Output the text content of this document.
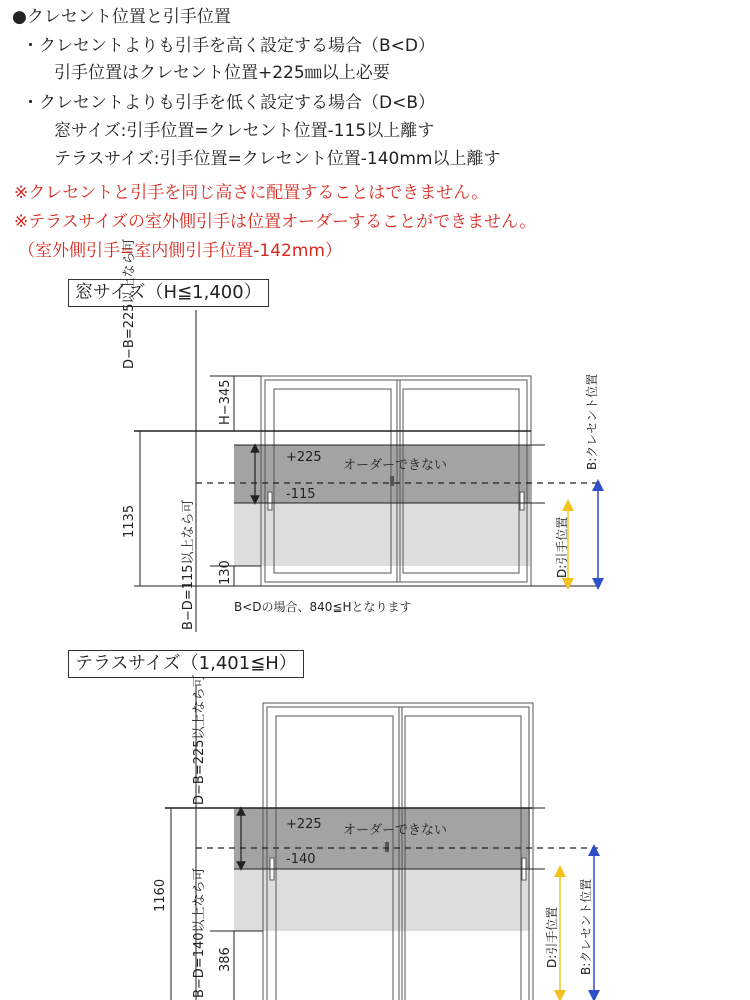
●クレセント位置と引手位置
・クレセントよりも引手を高く設定する場合（B<D）
引手位置はクレセント位置+225㎜以上必要
・クレセントよりも引手を低く設定する場合（D<B）
窓サイズ:引手位置=クレセント位置-115以上離す
テラスサイズ:引手位置=クレセント位置-140mm以上離す
※クレセントと引手を同じ高さに配置することはできません。
※テラスサイズの室外側引手は位置オーダーすることができません。
（室外側引手=室内側引手位置-142mm）
窓サイズ（H≦1,400）
テラスサイズ（1,401≦H）
D−B=225以上なら可
B−D=115以上なら可
H−345
1135
130
+225
-115
オーダーできない
D:引手位置
B:クレセント位置
B<Dの場合、840≦Hとなります
D−B=225以上なら可
B−D=140以上なら可
1160
386
+225
-140
オーダーできない
D:引手位置 B:クレセント位置
